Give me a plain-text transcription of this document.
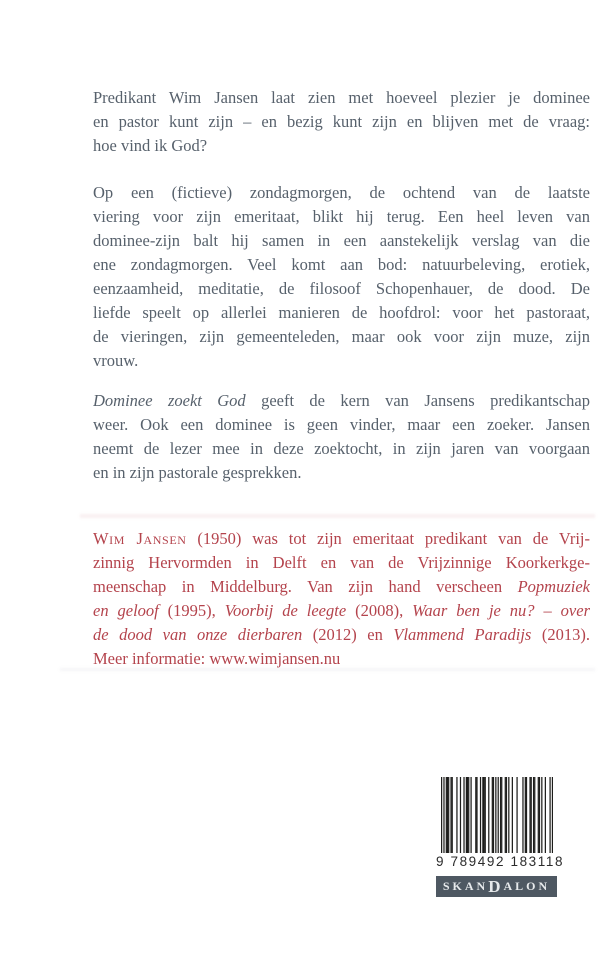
Predikant Wim Jansen laat zien met hoeveel plezier je dominee
en pastor kunt zijn – en bezig kunt zijn en blijven met de vraag:
hoe vind ik God?
Op een (fictieve) zondagmorgen, de ochtend van de laatste
viering voor zijn emeritaat, blikt hij terug. Een heel leven van
dominee-zijn balt hij samen in een aanstekelijk verslag van die
ene zondagmorgen. Veel komt aan bod: natuurbeleving, erotiek,
eenzaamheid, meditatie, de filosoof Schopenhauer, de dood. De
liefde speelt op allerlei manieren de hoofdrol: voor het pastoraat,
de vieringen, zijn gemeenteleden, maar ook voor zijn muze, zijn
vrouw.
Dominee zoekt God geeft de kern van Jansens predikantschap
weer. Ook een dominee is geen vinder, maar een zoeker. Jansen
neemt de lezer mee in deze zoektocht, in zijn jaren van voorgaan
en in zijn pastorale gesprekken.
Wim Jansen (1950) was tot zijn emeritaat predikant van de Vrij-
zinnig Hervormden in Delft en van de Vrijzinnige Koorkerkge-
meenschap in Middelburg. Van zijn hand verscheen Popmuziek
en geloof (1995), Voorbij de leegte (2008), Waar ben je nu? – over
de dood van onze dierbaren (2012) en Vlammend Paradijs (2013).
Meer informatie: www.wimjansen.nu
9 789492 183118
SKAN D ALON
